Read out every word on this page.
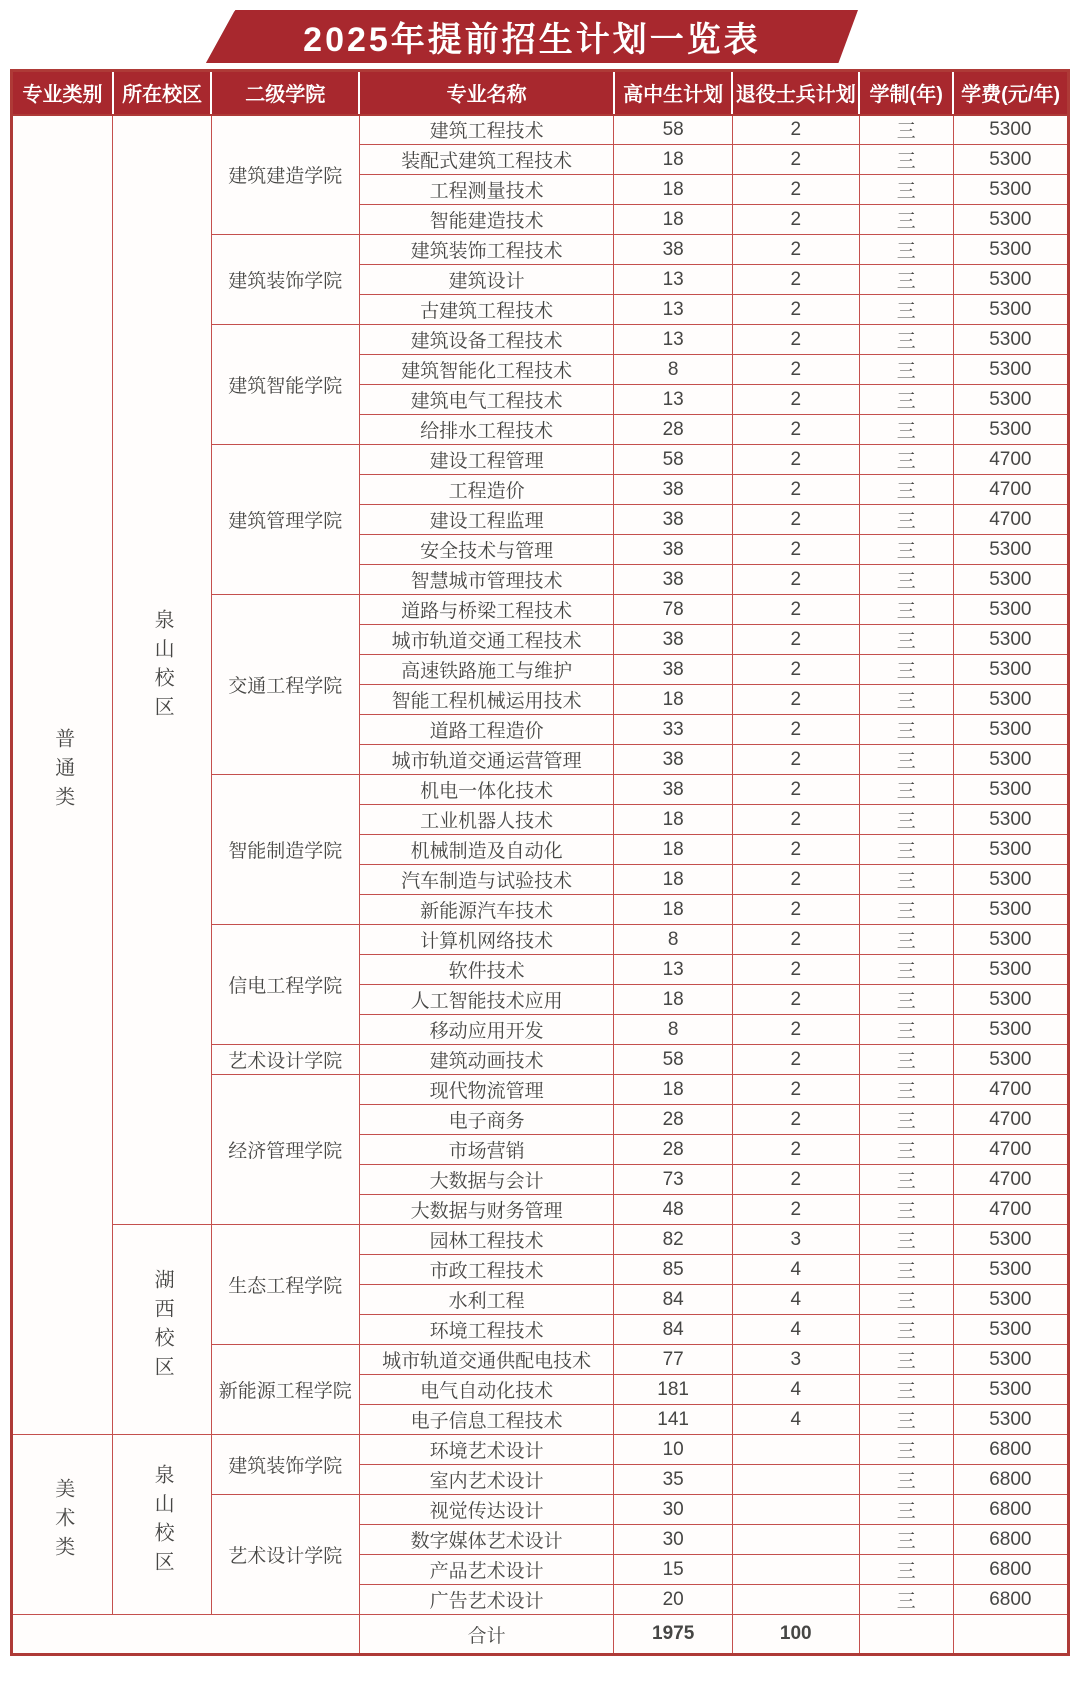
2025年提前招生计划一览表
专业类别	所在校区	二级学院	专业名称	高中生计划	退役士兵计划	学制(年)	学费(元/年)
普通类	泉山校区	建筑建造学院	建筑工程技术	58	2	三	5300
			装配式建筑工程技术	18	2	三	5300
			工程测量技术	18	2	三	5300
			智能建造技术	18	2	三	5300
		建筑装饰学院	建筑装饰工程技术	38	2	三	5300
			建筑设计	13	2	三	5300
			古建筑工程技术	13	2	三	5300
		建筑智能学院	建筑设备工程技术	13	2	三	5300
			建筑智能化工程技术	8	2	三	5300
			建筑电气工程技术	13	2	三	5300
			给排水工程技术	28	2	三	5300
		建筑管理学院	建设工程管理	58	2	三	4700
			工程造价	38	2	三	4700
			建设工程监理	38	2	三	4700
			安全技术与管理	38	2	三	5300
			智慧城市管理技术	38	2	三	5300
		交通工程学院	道路与桥梁工程技术	78	2	三	5300
			城市轨道交通工程技术	38	2	三	5300
			高速铁路施工与维护	38	2	三	5300
			智能工程机械运用技术	18	2	三	5300
			道路工程造价	33	2	三	5300
			城市轨道交通运营管理	38	2	三	5300
		智能制造学院	机电一体化技术	38	2	三	5300
			工业机器人技术	18	2	三	5300
			机械制造及自动化	18	2	三	5300
			汽车制造与试验技术	18	2	三	5300
			新能源汽车技术	18	2	三	5300
		信电工程学院	计算机网络技术	8	2	三	5300
			软件技术	13	2	三	5300
			人工智能技术应用	18	2	三	5300
			移动应用开发	8	2	三	5300
		艺术设计学院	建筑动画技术	58	2	三	5300
		经济管理学院	现代物流管理	18	2	三	4700
			电子商务	28	2	三	4700
			市场营销	28	2	三	4700
			大数据与会计	73	2	三	4700
			大数据与财务管理	48	2	三	4700
	湖西校区	生态工程学院	园林工程技术	82	3	三	5300
			市政工程技术	85	4	三	5300
			水利工程	84	4	三	5300
			环境工程技术	84	4	三	5300
		新能源工程学院	城市轨道交通供配电技术	77	3	三	5300
			电气自动化技术	181	4	三	5300
			电子信息工程技术	141	4	三	5300
美术类	泉山校区	建筑装饰学院	环境艺术设计	10		三	6800
			室内艺术设计	35		三	6800
		艺术设计学院	视觉传达设计	30		三	6800
			数字媒体艺术设计	30		三	6800
			产品艺术设计	15		三	6800
			广告艺术设计	20		三	6800
			合计	1975	100		
